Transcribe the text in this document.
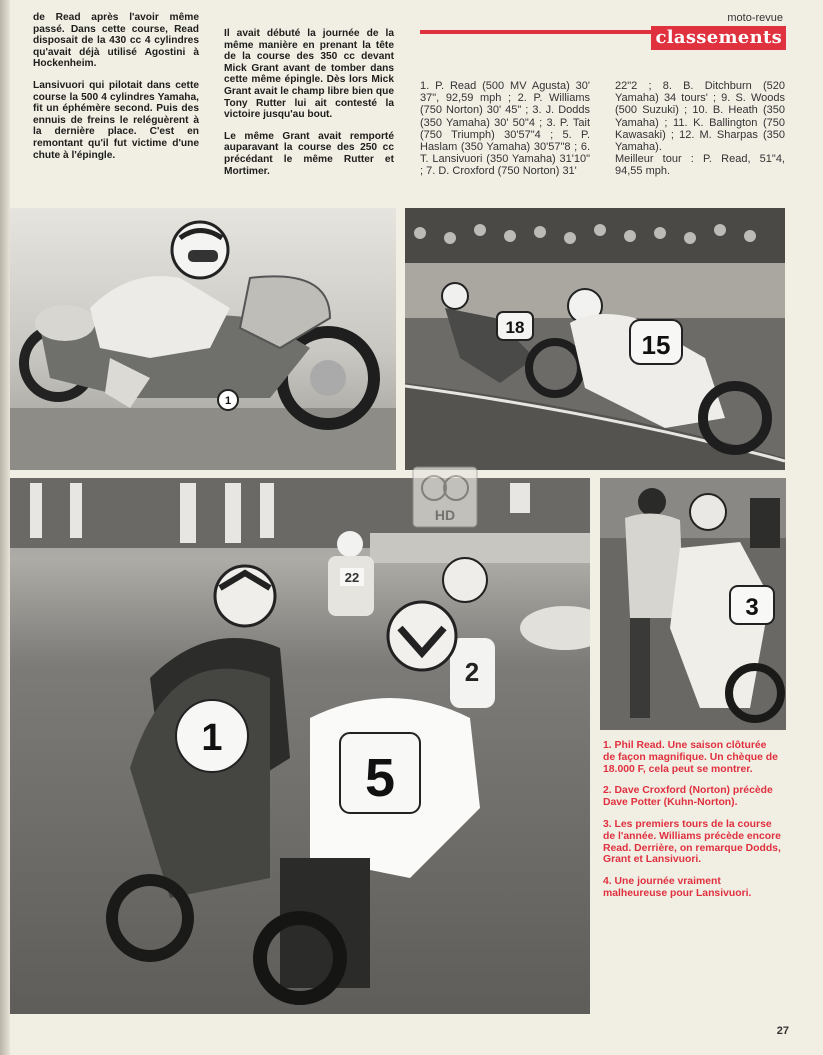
de Read après l'avoir même passé. Dans cette course, Read disposait de la 430 cc 4 cylindres qu'avait déjà utilisé Agostini à Hockenheim.

Lansivuori qui pilotait dans cette course la 500 4 cylindres Yamaha, fit un éphémère second. Puis des ennuis de freins le reléguèrent à la dernière place. C'est en remontant qu'il fut victime d'une chute à l'épingle.

Il avait débuté la journée de la même manière en prenant la tête de la course des 350 cc devant Mick Grant avant de tomber dans cette même épingle. Dès lors Mick Grant avait le champ libre bien que Tony Rutter lui ait contesté la victoire jusqu'au bout.

Le même Grant avait remporté auparavant la course des 250 cc précédant le même Rutter et Mortimer.

moto-revue
classements
1. P. Read (500 MV Agusta) 30' 37", 92,59 mph ; 2. P. Williams (750 Norton) 30' 45" ; 3. J. Dodds (350 Yamaha) 30' 50"4 ; 3. P. Tait (750 Triumph) 30'57"4 ; 5. P. Haslam (350 Yamaha) 30'57"8 ; 6. T. Lansivuori (350 Yamaha) 31'10" ; 7. D. Croxford (750 Norton) 31'
22"2 ; 8. B. Ditchburn (520 Yamaha) 34 tours' ; 9. S. Woods (500 Suzuki) ; 10. B. Heath (350 Yamaha) ; 11. K. Ballington (750 Kawasaki) ; 12. M. Sharpas (350 Yamaha).
Meilleur tour : P. Read, 51"4, 94,55 mph.
1
18
15
22
2
1
5
3
HD

1. Phil Read. Une saison clôturée de façon magnifique. Un chèque de 18.000 F, cela peut se montrer.

2. Dave Croxford (Norton) précède Dave Potter (Kuhn-Norton).

3. Les premiers tours de la course de l'année. Williams précède encore Read. Derrière, on remarque Dodds, Grant et Lansivuori.

4. Une journée vraiment malheureuse pour Lansivuori.

27
